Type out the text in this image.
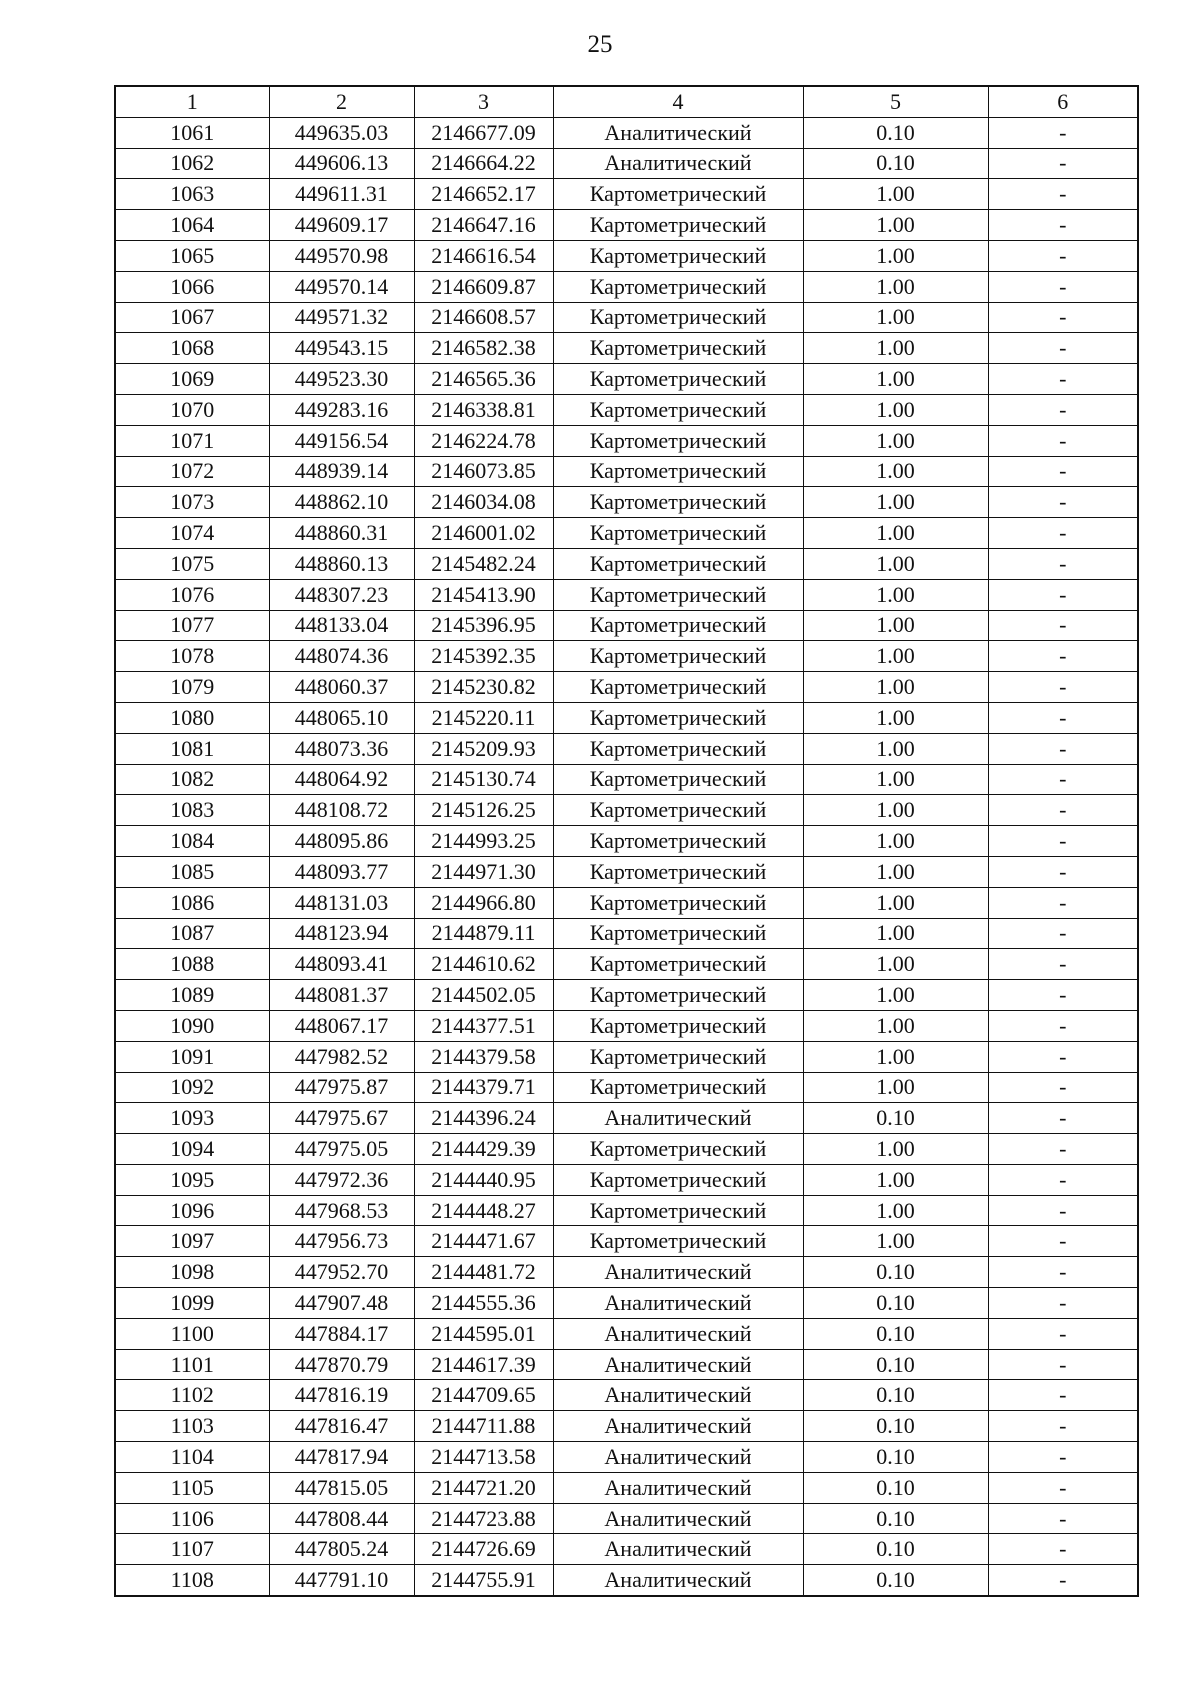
25
1	2	3	4	5	6
1061	449635.03	2146677.09	Аналитический	0.10	-
1062	449606.13	2146664.22	Аналитический	0.10	-
1063	449611.31	2146652.17	Картометрический	1.00	-
1064	449609.17	2146647.16	Картометрический	1.00	-
1065	449570.98	2146616.54	Картометрический	1.00	-
1066	449570.14	2146609.87	Картометрический	1.00	-
1067	449571.32	2146608.57	Картометрический	1.00	-
1068	449543.15	2146582.38	Картометрический	1.00	-
1069	449523.30	2146565.36	Картометрический	1.00	-
1070	449283.16	2146338.81	Картометрический	1.00	-
1071	449156.54	2146224.78	Картометрический	1.00	-
1072	448939.14	2146073.85	Картометрический	1.00	-
1073	448862.10	2146034.08	Картометрический	1.00	-
1074	448860.31	2146001.02	Картометрический	1.00	-
1075	448860.13	2145482.24	Картометрический	1.00	-
1076	448307.23	2145413.90	Картометрический	1.00	-
1077	448133.04	2145396.95	Картометрический	1.00	-
1078	448074.36	2145392.35	Картометрический	1.00	-
1079	448060.37	2145230.82	Картометрический	1.00	-
1080	448065.10	2145220.11	Картометрический	1.00	-
1081	448073.36	2145209.93	Картометрический	1.00	-
1082	448064.92	2145130.74	Картометрический	1.00	-
1083	448108.72	2145126.25	Картометрический	1.00	-
1084	448095.86	2144993.25	Картометрический	1.00	-
1085	448093.77	2144971.30	Картометрический	1.00	-
1086	448131.03	2144966.80	Картометрический	1.00	-
1087	448123.94	2144879.11	Картометрический	1.00	-
1088	448093.41	2144610.62	Картометрический	1.00	-
1089	448081.37	2144502.05	Картометрический	1.00	-
1090	448067.17	2144377.51	Картометрический	1.00	-
1091	447982.52	2144379.58	Картометрический	1.00	-
1092	447975.87	2144379.71	Картометрический	1.00	-
1093	447975.67	2144396.24	Аналитический	0.10	-
1094	447975.05	2144429.39	Картометрический	1.00	-
1095	447972.36	2144440.95	Картометрический	1.00	-
1096	447968.53	2144448.27	Картометрический	1.00	-
1097	447956.73	2144471.67	Картометрический	1.00	-
1098	447952.70	2144481.72	Аналитический	0.10	-
1099	447907.48	2144555.36	Аналитический	0.10	-
1100	447884.17	2144595.01	Аналитический	0.10	-
1101	447870.79	2144617.39	Аналитический	0.10	-
1102	447816.19	2144709.65	Аналитический	0.10	-
1103	447816.47	2144711.88	Аналитический	0.10	-
1104	447817.94	2144713.58	Аналитический	0.10	-
1105	447815.05	2144721.20	Аналитический	0.10	-
1106	447808.44	2144723.88	Аналитический	0.10	-
1107	447805.24	2144726.69	Аналитический	0.10	-
1108	447791.10	2144755.91	Аналитический	0.10	-
